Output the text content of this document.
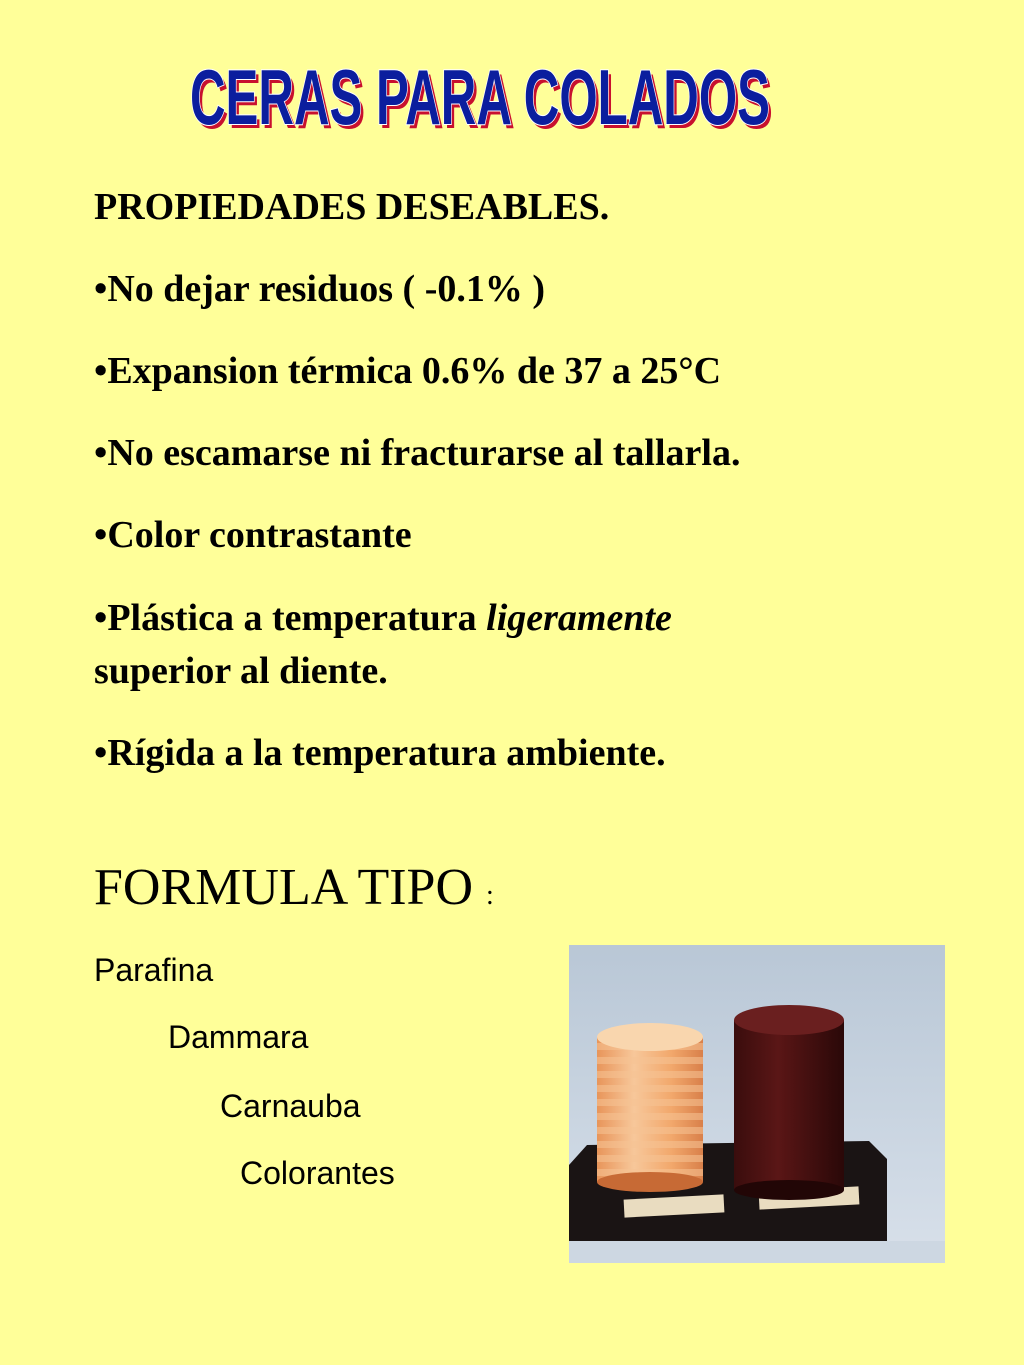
CERAS PARA COLADOS
CERAS PARA COLADOS
PROPIEDADES DESEABLES.
•No dejar residuos ( -0.1% )
•Expansion térmica 0.6% de 37 a 25°C
•No escamarse ni fracturarse al tallarla.
•Color contrastante
•Plástica a temperatura ligeramente
superior al diente.
•Rígida a la temperatura ambiente.
FORMULA TIPO :
Parafina
Dammara
Carnauba
Colorantes
